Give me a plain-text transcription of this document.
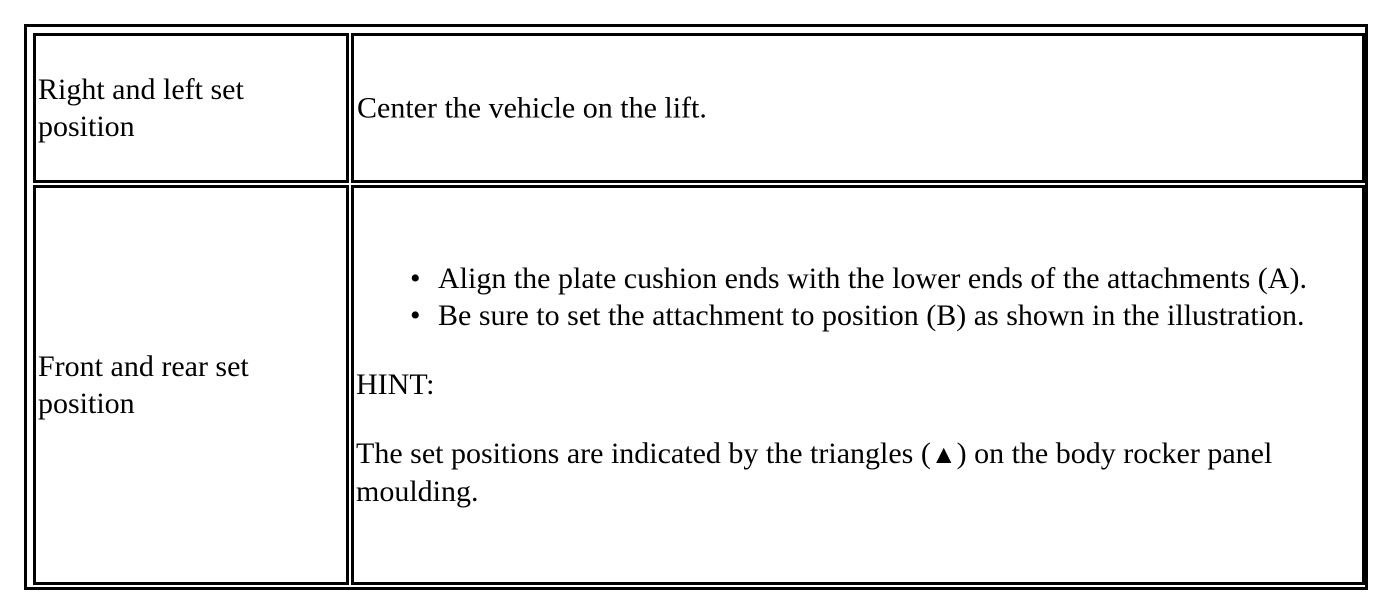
Right and left set position
Center the vehicle on the lift.
Front and rear set position
• Align the plate cushion ends with the lower ends of the attachments (A).
• Be sure to set the attachment to position (B) as shown in the illustration.
HINT:
The set positions are indicated by the triangles (▲) on the body rocker panel moulding.
